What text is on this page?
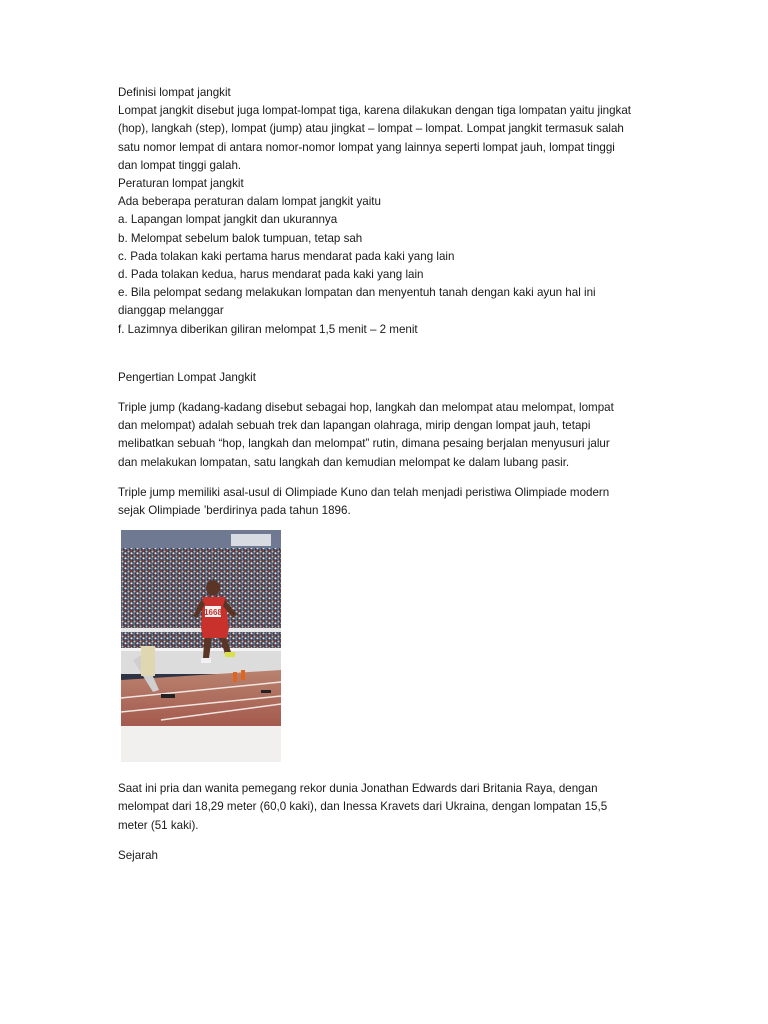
Definisi lompat jangkit

Lompat jangkit disebut juga lompat-lompat tiga, karena dilakukan dengan tiga lompatan yaitu jingkat

(hop), langkah (step), lompat (jump) atau jingkat – lompat – lompat. Lompat jangkit termasuk salah

satu nomor lempat di antara nomor-nomor lompat yang lainnya seperti lompat jauh, lompat tinggi

dan lompat tinggi galah.

Peraturan lompat jangkit

Ada beberapa peraturan dalam lompat jangkit yaitu

a. Lapangan lompat jangkit dan ukurannya

b. Melompat sebelum balok tumpuan, tetap sah

c. Pada tolakan kaki pertama harus mendarat pada kaki yang lain

d. Pada tolakan kedua, harus mendarat pada kaki yang lain

e. Bila pelompat sedang melakukan lompatan dan menyentuh tanah dengan kaki ayun hal ini

dianggap melanggar

f. Lazimnya diberikan giliran melompat 1,5 menit – 2 menit

Pengertian Lompat Jangkit

Triple jump (kadang-kadang disebut sebagai hop, langkah dan melompat atau melompat, lompat

dan melompat) adalah sebuah trek dan lapangan olahraga, mirip dengan lompat jauh, tetapi

melibatkan sebuah “hop, langkah dan melompat” rutin, dimana pesaing berjalan menyusuri jalur

dan melakukan lompatan, satu langkah dan kemudian melompat ke dalam lubang pasir.

Triple jump memiliki asal-usul di Olimpiade Kuno dan telah menjadi peristiwa Olimpiade modern

sejak Olimpiade ’berdirinya pada tahun 1896.

1668

Saat ini pria dan wanita pemegang rekor dunia Jonathan Edwards dari Britania Raya, dengan

melompat dari 18,29 meter (60,0 kaki), dan Inessa Kravets dari Ukraina, dengan lompatan 15,5

meter (51 kaki).

Sejarah
